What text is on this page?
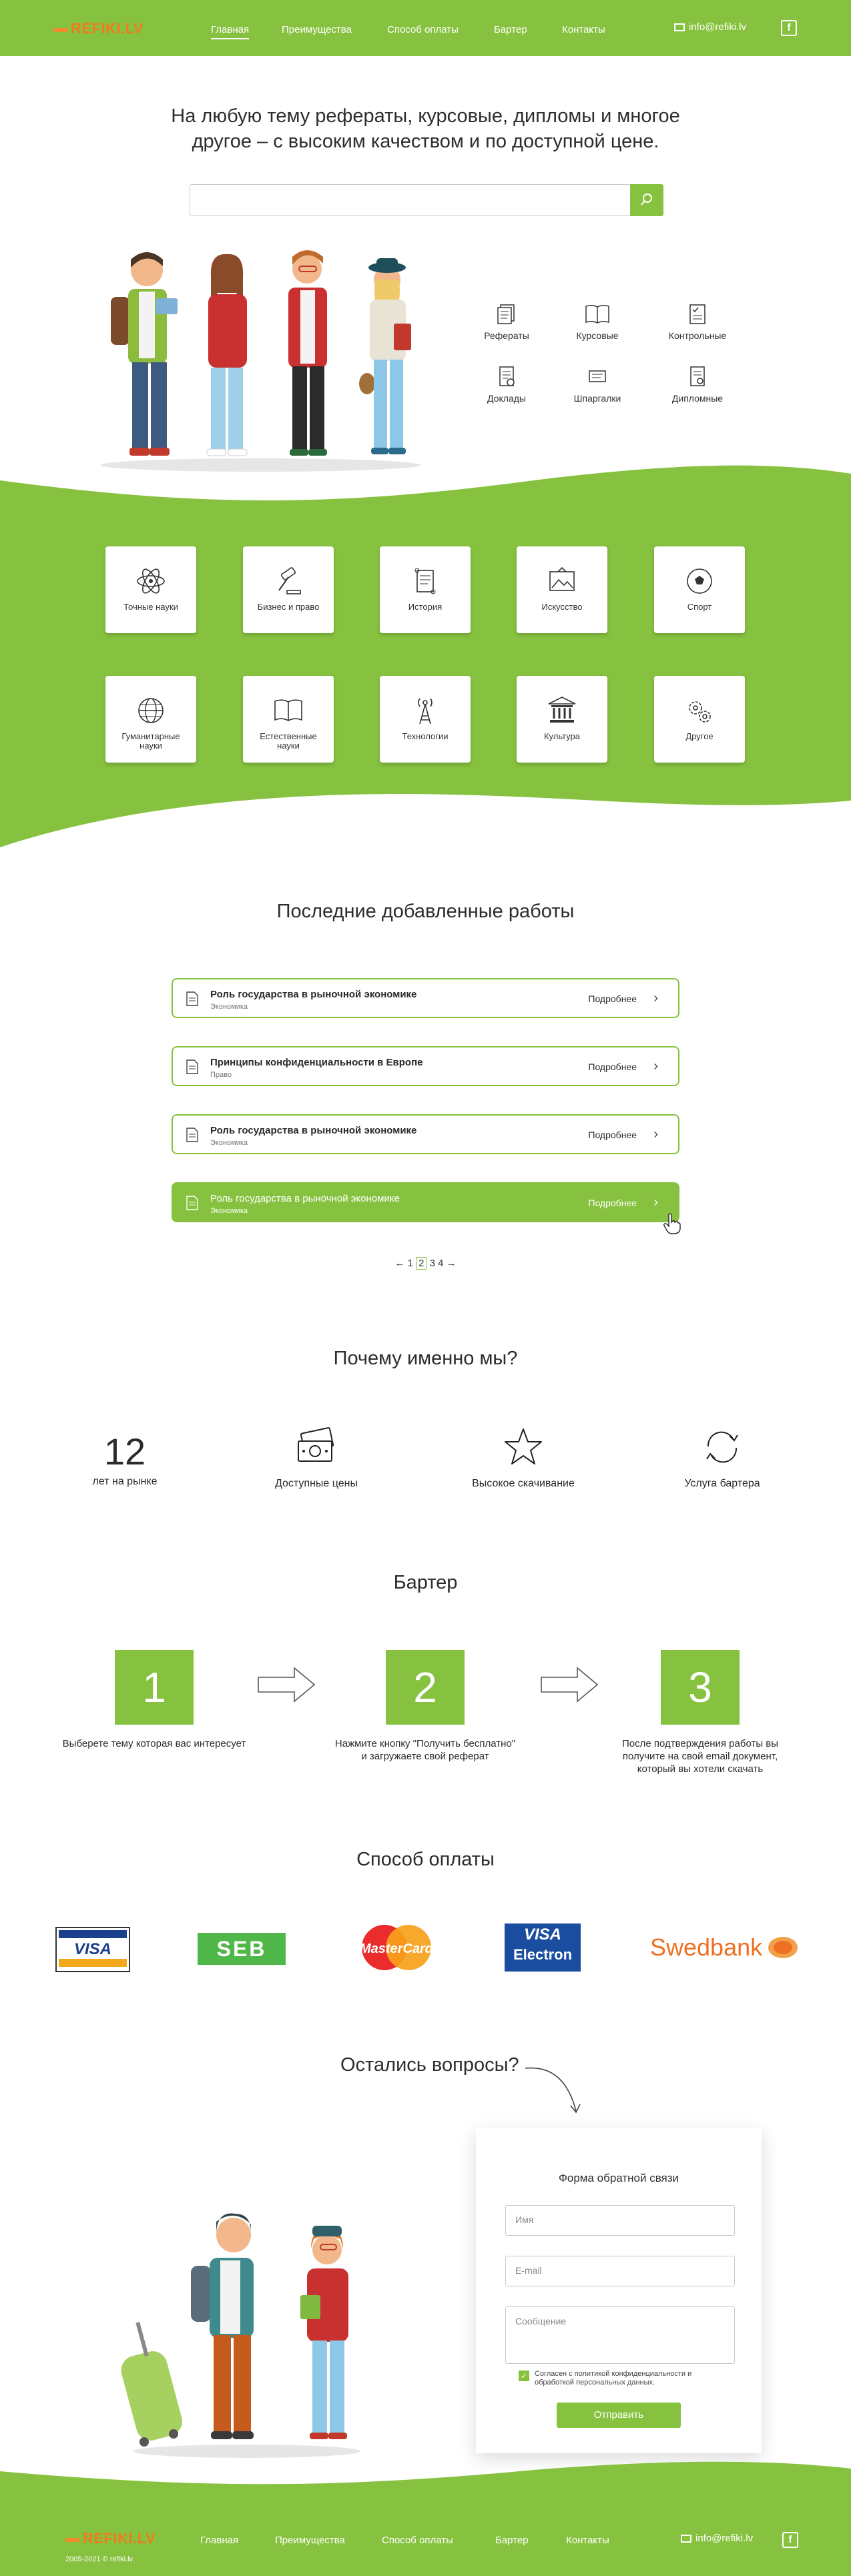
REFIKI.LV	Главная	Преимущества	Способ оплаты	Бартер	Контакты	info@refiki.lv	f
На любую тему рефераты, курсовые, дипломы и многое
другое – с высоким качеством и по доступной цене.
Рефераты	Курсовые	Контрольные
Доклады	Шпаргалки	Дипломные
Точные науки	Бизнес и право	История	Искусство	Спорт
Гуманитарные науки
Естественные науки
Технологии	Культура	Другое
Последние добавленные работы
Роль государства в рыночной экономике
Экономика
Подробнее ›
Принципы конфиденциальности в Европе
Право
Подробнее ›
Роль государства в рыночной экономике
Экономика
Подробнее ›
Роль государства в рыночной экономике
Экономика
Подробнее ›
← 1 2 3 4 →
Почему именно мы?
12
лет на рынке	Доступные цены	Высокое скачивание	Услуга бартера
Бартер
1	2	3
Выберете тему которая вас интересует	Нажмите кнопку "Получить бесплатно" и загружаете свой реферат
После подтверждения работы вы получите на свой email документ, который вы хотели скачать
Способ оплаты
VISA	SEB	MasterCard
VISA
Electron	Swedbank
Остались вопросы?
Форма обратной связи
Имя
E-mail
Сообщение
✓ Согласен с политикой конфиденциальности и обработкой персональных данных.
Отправить
REFIKI.LV
2005-2021 © refiki.lv
Главная	Преимущества	Способ оплаты	Бартер	Контакты	info@refiki.lv	f
